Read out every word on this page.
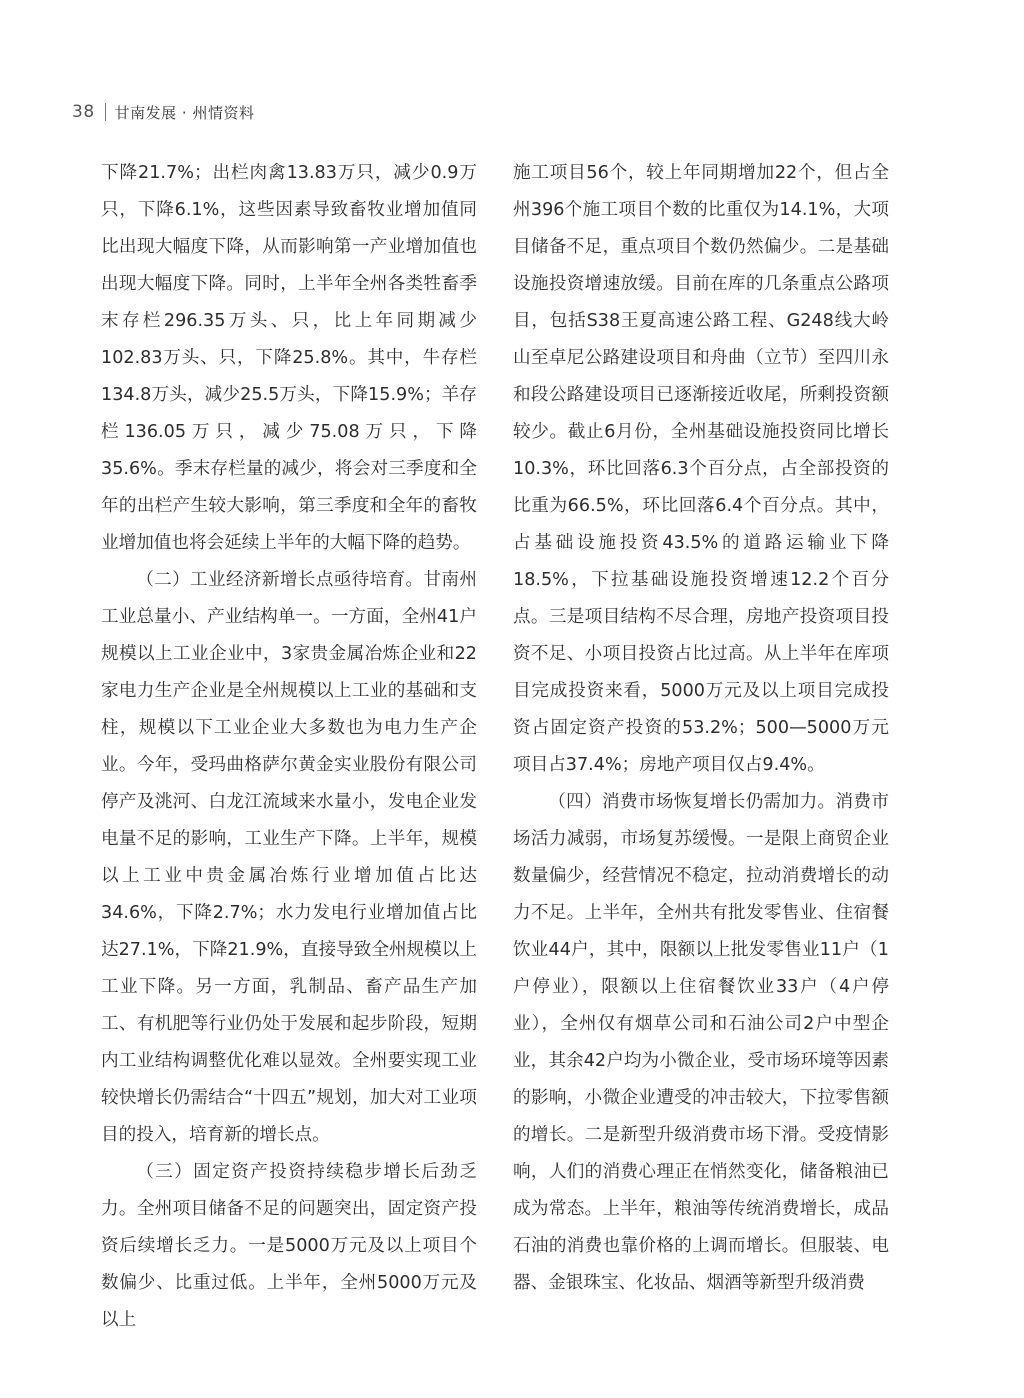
38 甘南发展 · 州情资料

下降21.7%；出栏肉禽13.83万只，减少0.9万只，下降6.1%，这些因素导致畜牧业增加值同比出现大幅度下降，从而影响第一产业增加值也出现大幅度下降。同时，上半年全州各类牲畜季末存栏296.35万头、只，比上年同期减少102.83万头、只，下降25.8%。其中，牛存栏134.8万头，减少25.5万头，下降15.9%；羊存栏136.05万只，减少75.08万只，下降35.6%。季末存栏量的减少，将会对三季度和全年的出栏产生较大影响，第三季度和全年的畜牧业增加值也将会延续上半年的大幅下降的趋势。

（二）工业经济新增长点亟待培育。甘南州工业总量小、产业结构单一。一方面，全州41户规模以上工业企业中，3家贵金属冶炼企业和22家电力生产企业是全州规模以上工业的基础和支柱，规模以下工业企业大多数也为电力生产企业。今年，受玛曲格萨尔黄金实业股份有限公司停产及洮河、白龙江流域来水量小，发电企业发电量不足的影响，工业生产下降。上半年，规模以上工业中贵金属冶炼行业增加值占比达34.6%，下降2.7%；水力发电行业增加值占比达27.1%，下降21.9%，直接导致全州规模以上工业下降。另一方面，乳制品、畜产品生产加工、有机肥等行业仍处于发展和起步阶段，短期内工业结构调整优化难以显效。全州要实现工业较快增长仍需结合“十四五”规划，加大对工业项目的投入，培育新的增长点。

（三）固定资产投资持续稳步增长后劲乏力。全州项目储备不足的问题突出，固定资产投资后续增长乏力。一是5000万元及以上项目个数偏少、比重过低。上半年，全州5000万元及以上

施工项目56个，较上年同期增加22个，但占全州396个施工项目个数的比重仅为14.1%，大项目储备不足，重点项目个数仍然偏少。二是基础设施投资增速放缓。目前在库的几条重点公路项目，包括S38王夏高速公路工程、G248线大岭山至卓尼公路建设项目和舟曲（立节）至四川永和段公路建设项目已逐渐接近收尾，所剩投资额较少。截止6月份，全州基础设施投资同比增长10.3%，环比回落6.3个百分点，占全部投资的比重为66.5%，环比回落6.4个百分点。其中，占基础设施投资43.5%的道路运输业下降18.5%，下拉基础设施投资增速12.2个百分点。三是项目结构不尽合理，房地产投资项目投资不足、小项目投资占比过高。从上半年在库项目完成投资来看，5000万元及以上项目完成投资占固定资产投资的53.2%；500—5000万元项目占37.4%；房地产项目仅占9.4%。

（四）消费市场恢复增长仍需加力。消费市场活力减弱，市场复苏缓慢。一是限上商贸企业数量偏少，经营情况不稳定，拉动消费增长的动力不足。上半年，全州共有批发零售业、住宿餐饮业44户，其中，限额以上批发零售业11户（1户停业），限额以上住宿餐饮业33户（4户停业），全州仅有烟草公司和石油公司2户中型企业，其余42户均为小微企业，受市场环境等因素的影响，小微企业遭受的冲击较大，下拉零售额的增长。二是新型升级消费市场下滑。受疫情影响，人们的消费心理正在悄然变化，储备粮油已成为常态。上半年，粮油等传统消费增长，成品石油的消费也靠价格的上调而增长。但服装、电器、金银珠宝、化妆品、烟酒等新型升级消费
